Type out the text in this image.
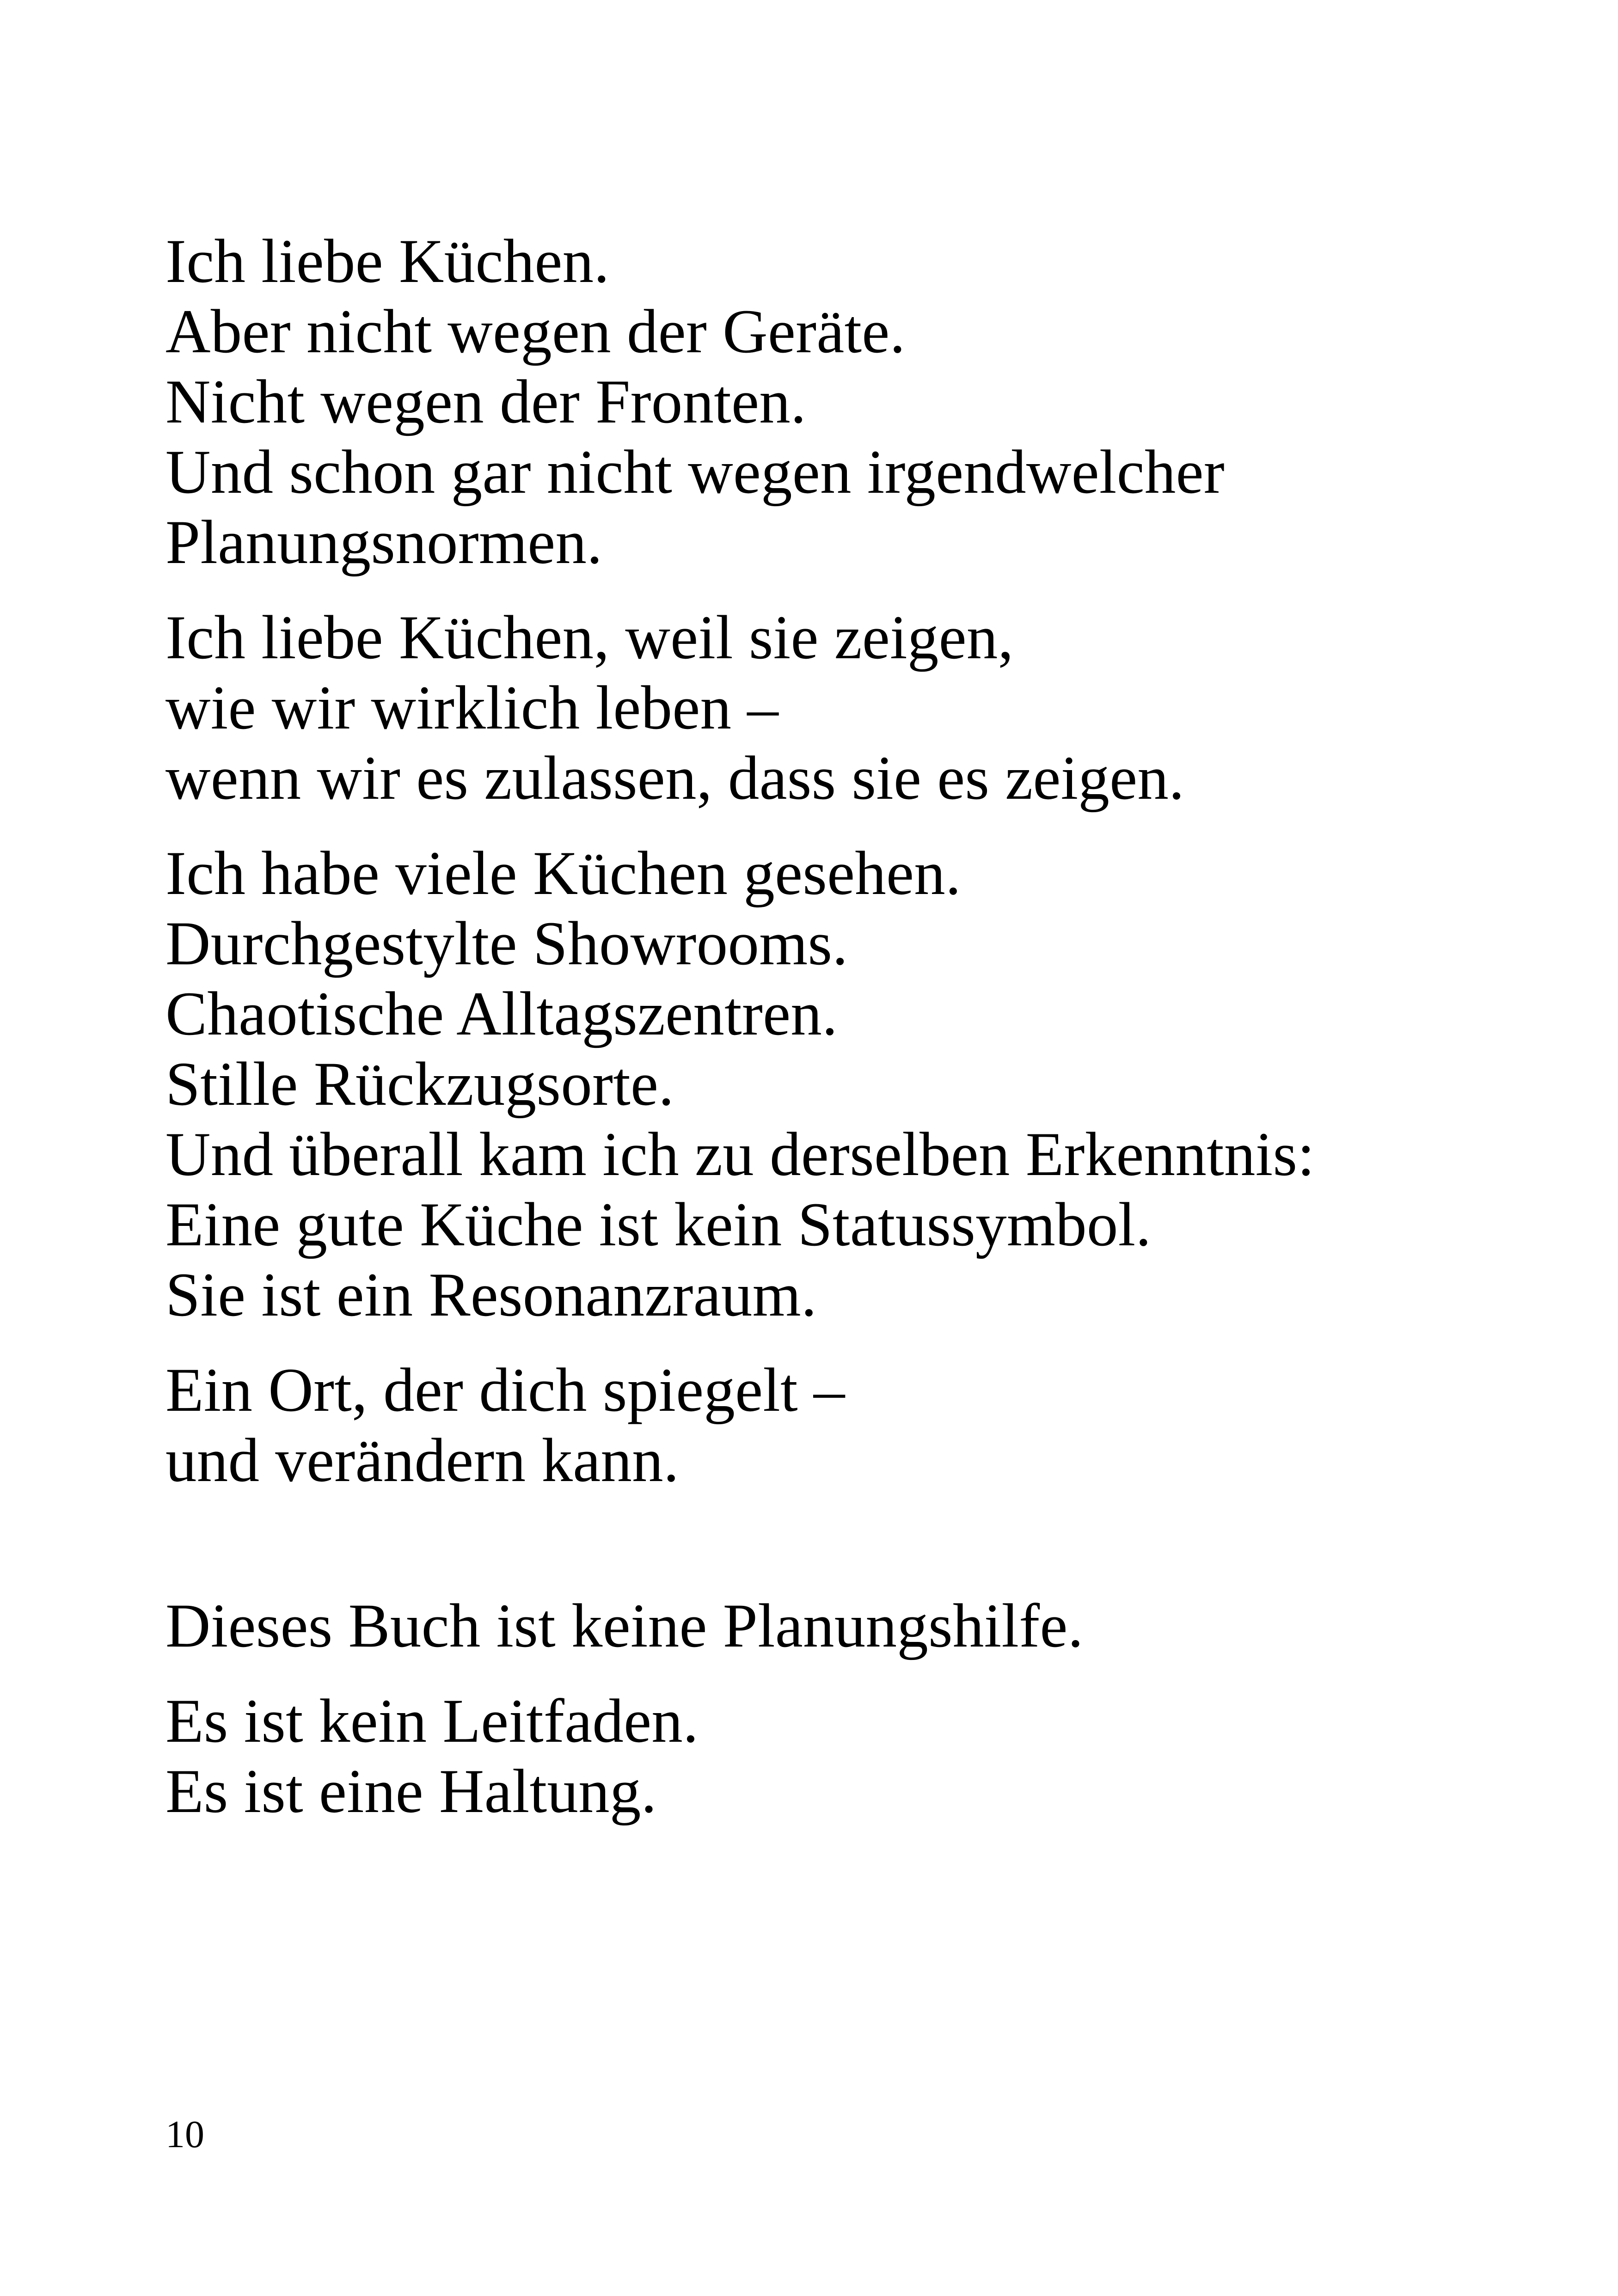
Ich liebe Küchen.
Aber nicht wegen der Geräte.
Nicht wegen der Fronten.
Und schon gar nicht wegen irgendwelcher
Planungsnormen.
Ich liebe Küchen, weil sie zeigen,
wie wir wirklich leben –
wenn wir es zulassen, dass sie es zeigen.
Ich habe viele Küchen gesehen.
Durchgestylte Showrooms.
Chaotische Alltagszentren.
Stille Rückzugsorte.
Und überall kam ich zu derselben Erkenntnis:
Eine gute Küche ist kein Statussymbol.
Sie ist ein Resonanzraum.
Ein Ort, der dich spiegelt –
und verändern kann.
Dieses Buch ist keine Planungshilfe.
Es ist kein Leitfaden.
Es ist eine Haltung.
10
